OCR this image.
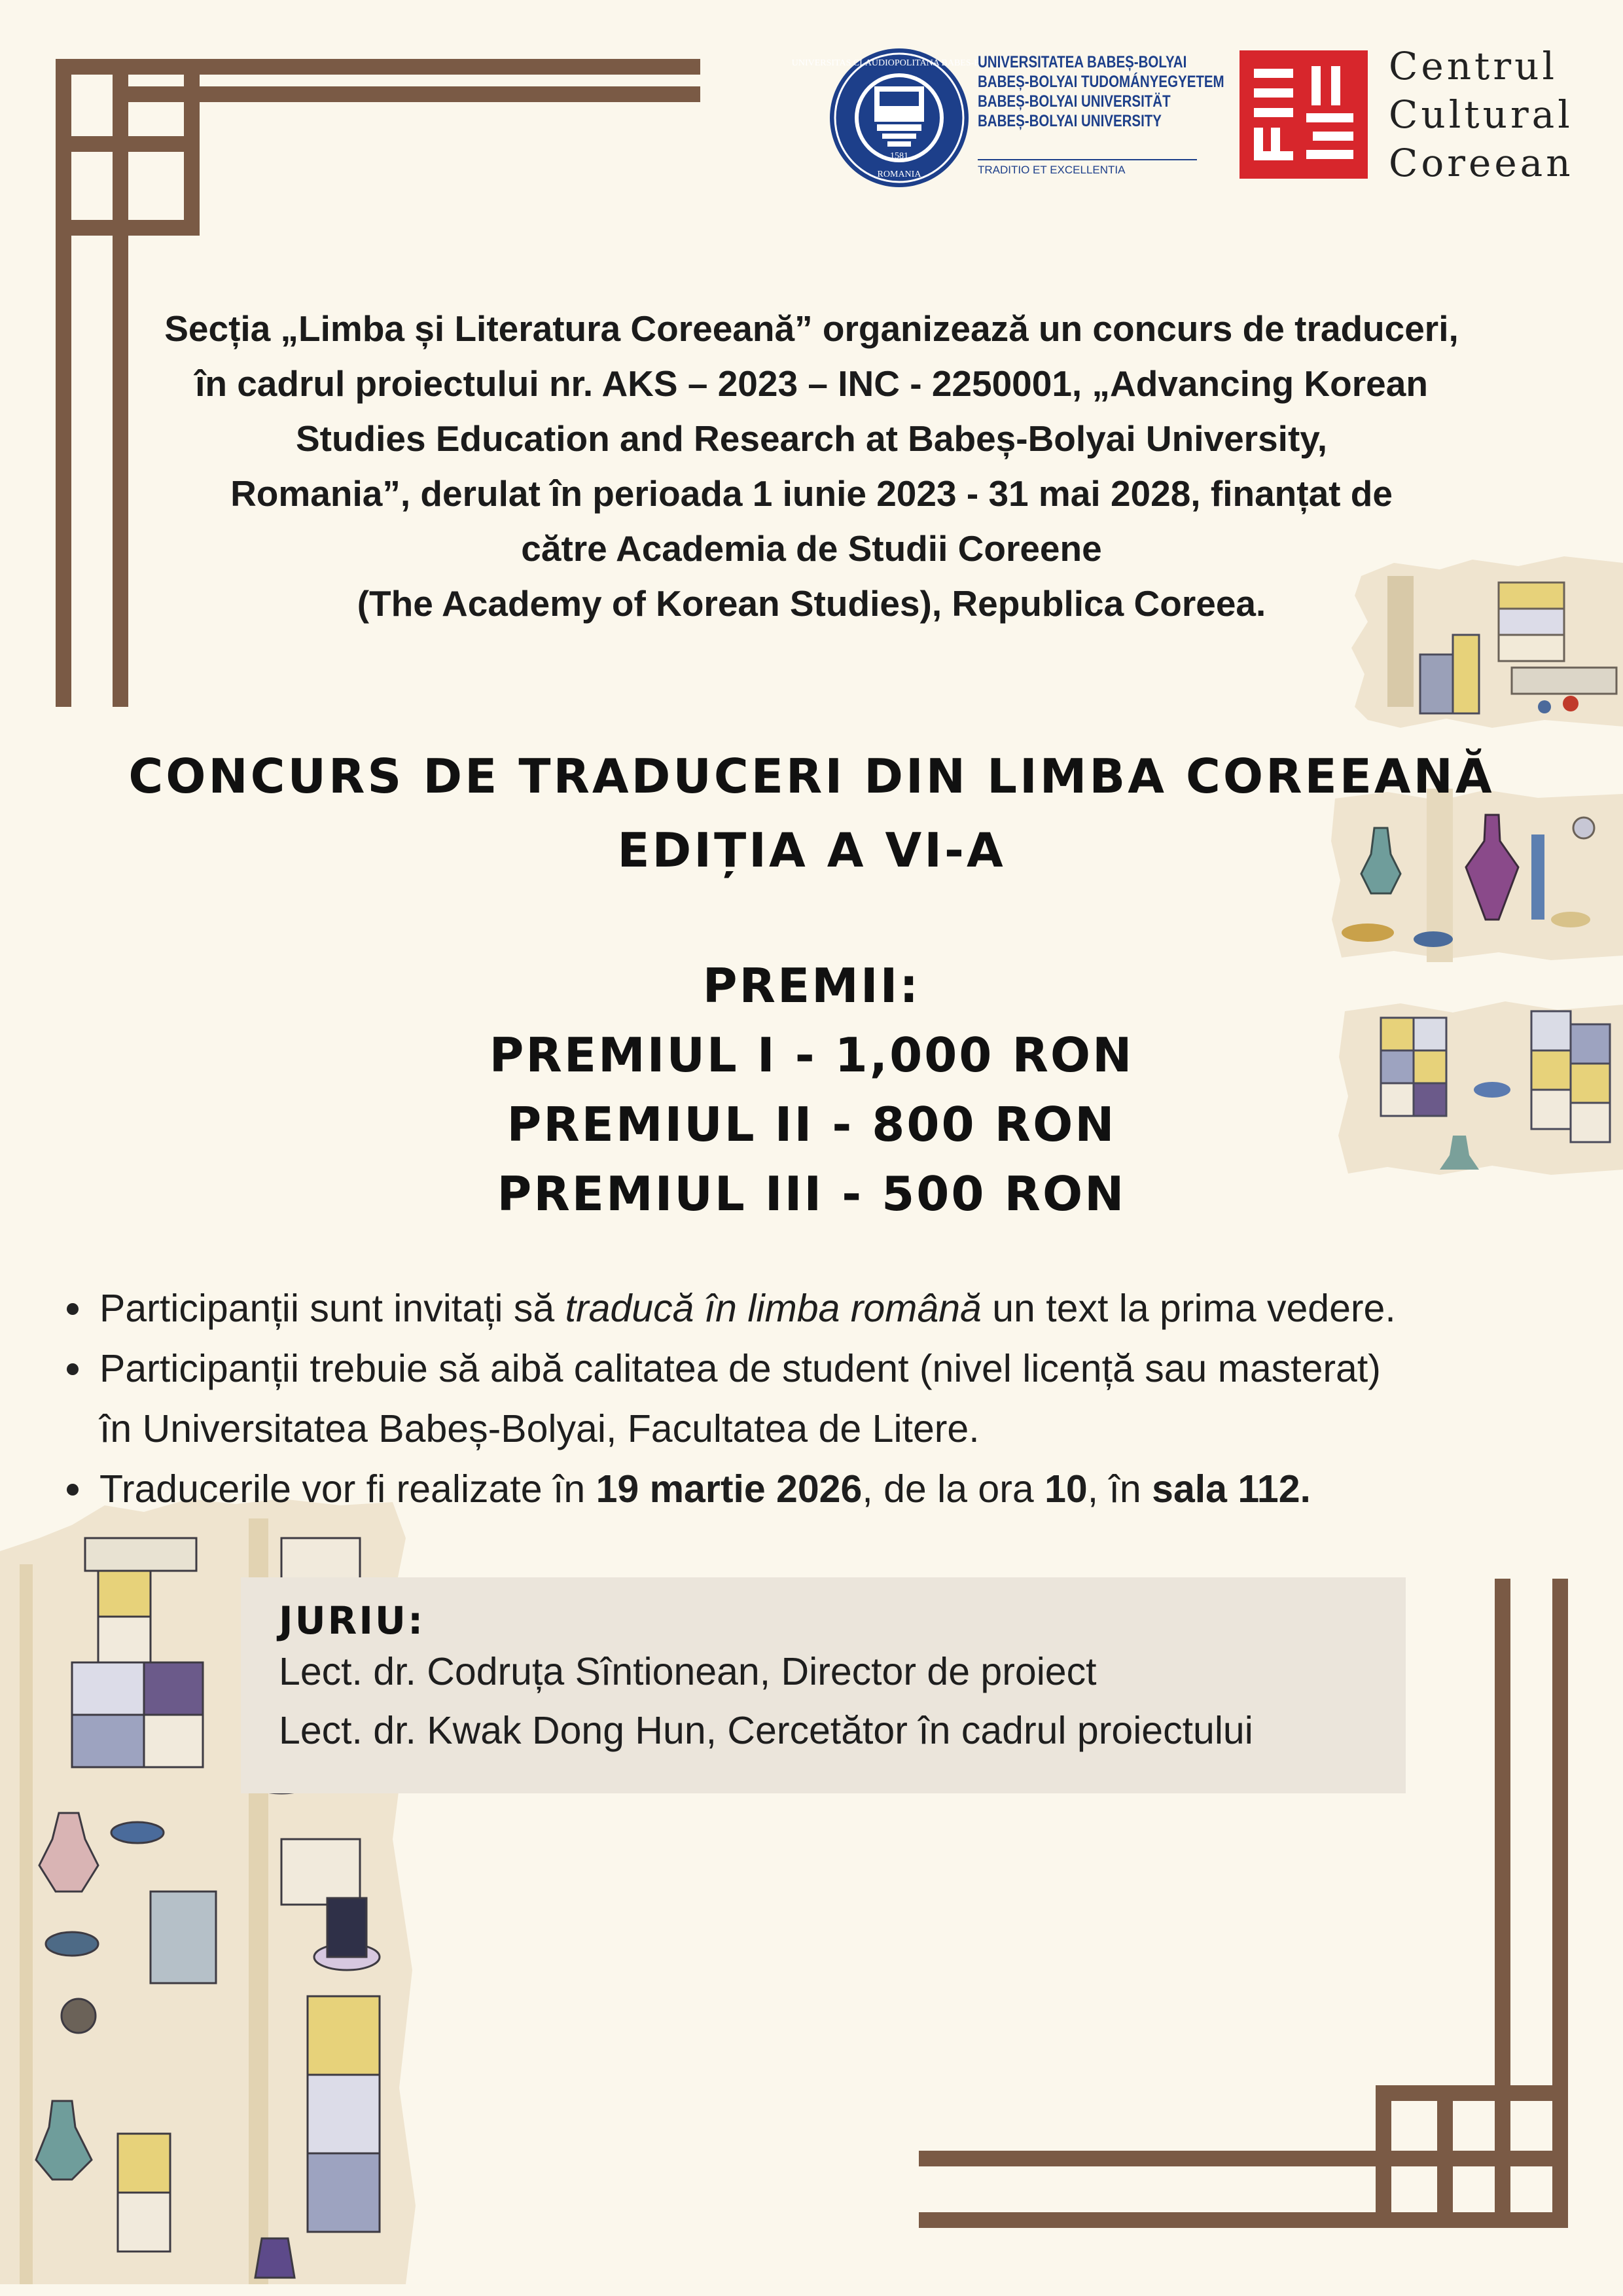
UNIVERSITAS CLAUDIOPOLITANA BABES-BOLYAI
1581
ROMANIA
UNIVERSITATEA BABEȘ-BOLYAI
BABEȘ-BOLYAI TUDOMÁNYEGYETEM
BABEȘ-BOLYAI UNIVERSITÄT
BABEȘ-BOLYAI UNIVERSITY
TRADITIO ET EXCELLENTIA
Centrul
Cultural
Coreean
Secția „Limba și Literatura Coreeană” organizează un concurs de traduceri,
în cadrul proiectului nr. AKS – 2023 – INC - 2250001, „Advancing Korean
Studies Education and Research at Babeș-Bolyai University,
Romania”, derulat în perioada 1 iunie 2023 - 31 mai 2028, finanțat de
către Academia de Studii Coreene
(The Academy of Korean Studies), Republica Coreea.
CONCURS DE TRADUCERI DIN LIMBA COREEANĂ
EDIȚIA A VI-A
PREMII:
PREMIUL I - 1,000 RON
PREMIUL II - 800 RON
PREMIUL III - 500 RON
Participanții sunt invitați să traducă în limba română un text la prima vedere.
Participanții trebuie să aibă calitatea de student (nivel licență sau masterat)
în Universitatea Babeș-Bolyai, Facultatea de Litere.
Traducerile vor fi realizate în 19 martie 2026, de la ora 10, în sala 112.
JURIU:
Lect. dr. Codruța Sîntionean, Director de proiect
Lect. dr. Kwak Dong Hun, Cercetător în cadrul proiectului
